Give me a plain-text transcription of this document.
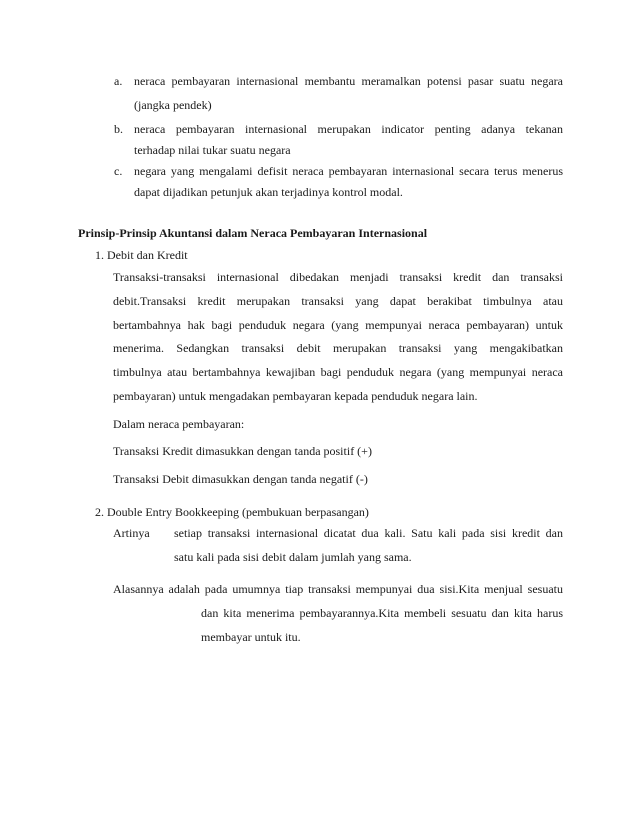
a. neraca pembayaran internasional membantu meramalkan potensi pasar suatu negara
(jangka pendek)
b. neraca pembayaran internasional merupakan indicator penting adanya tekanan
terhadap nilai tukar suatu negara
c. negara yang mengalami defisit neraca pembayaran internasional secara terus menerus
dapat dijadikan petunjuk akan terjadinya kontrol modal.
Prinsip-Prinsip Akuntansi dalam Neraca Pembayaran Internasional
1. Debit dan Kredit
Transaksi-transaksi internasional dibedakan menjadi transaksi kredit dan transaksi
debit.Transaksi kredit merupakan transaksi yang dapat berakibat timbulnya atau
bertambahnya hak bagi penduduk negara (yang mempunyai neraca pembayaran) untuk
menerima. Sedangkan transaksi debit merupakan transaksi yang mengakibatkan
timbulnya atau bertambahnya kewajiban bagi penduduk negara (yang mempunyai neraca
pembayaran) untuk mengadakan pembayaran kepada penduduk negara lain.
Dalam neraca pembayaran:
Transaksi Kredit dimasukkan dengan tanda positif (+)
Transaksi Debit dimasukkan dengan tanda negatif (-)
2. Double Entry Bookkeeping (pembukuan berpasangan)
Artinya setiap transaksi internasional dicatat dua kali. Satu kali pada sisi kredit dan
satu kali pada sisi debit dalam jumlah yang sama.
Alasannya adalah pada umumnya tiap transaksi mempunyai dua sisi.Kita menjual sesuatu
dan kita menerima pembayarannya.Kita membeli sesuatu dan kita harus
membayar untuk itu.
